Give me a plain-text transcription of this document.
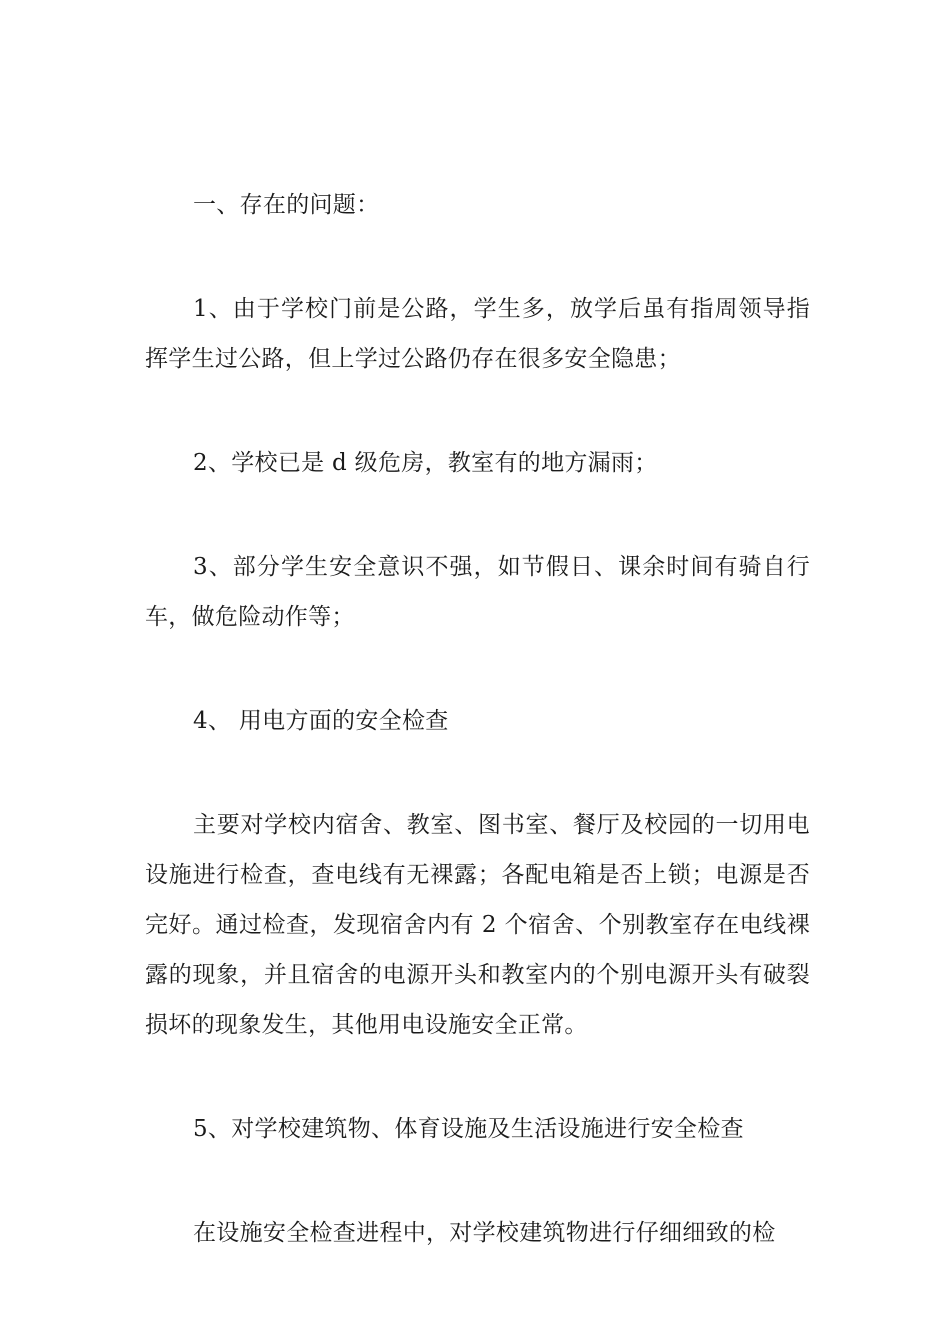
一、存在的问题：

1、由于学校门前是公路，学生多，放学后虽有指周领导指挥学生过公路，但上学过公路仍存在很多安全隐患；

2、学校已是 d 级危房，教室有的地方漏雨；

3、部分学生安全意识不强，如节假日、课余时间有骑自行车，做危险动作等；

4、 用电方面的安全检查

主要对学校内宿舍、教室、图书室、餐厅及校园的一切用电设施进行检查，查电线有无裸露；各配电箱是否上锁；电源是否完好。通过检查，发现宿舍内有 2 个宿舍、个别教室存在电线裸露的现象，并且宿舍的电源开头和教室内的个别电源开头有破裂损坏的现象发生，其他用电设施安全正常。

5、对学校建筑物、体育设施及生活设施进行安全检查

在设施安全检查进程中，对学校建筑物进行仔细细致的检
